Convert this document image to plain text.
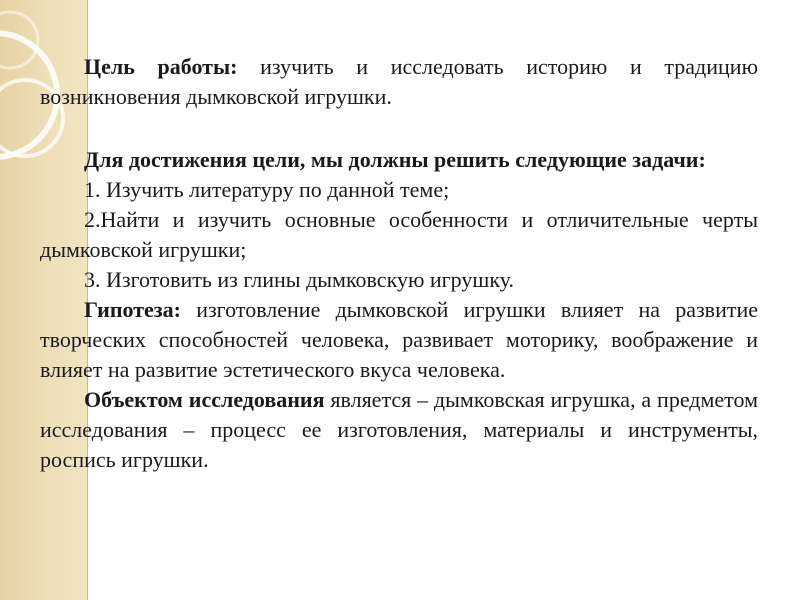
Цель работы: изучить и исследовать историю и традицию возникновения дымковской игрушки.

Для достижения цели, мы должны решить следующие задачи:

1. Изучить литературу по данной теме;

2.Найти и изучить основные особенности и отличительные черты дымковской игрушки;

3. Изготовить из глины дымковскую игрушку.

Гипотеза: изготовление дымковской игрушки влияет на развитие творческих способностей человека, развивает моторику, воображение и влияет на развитие эстетического вкуса человека.

Объектом исследования является – дымковская игрушка, а предметом исследования – процесс ее изготовления, материалы и инструменты, роспись игрушки.
